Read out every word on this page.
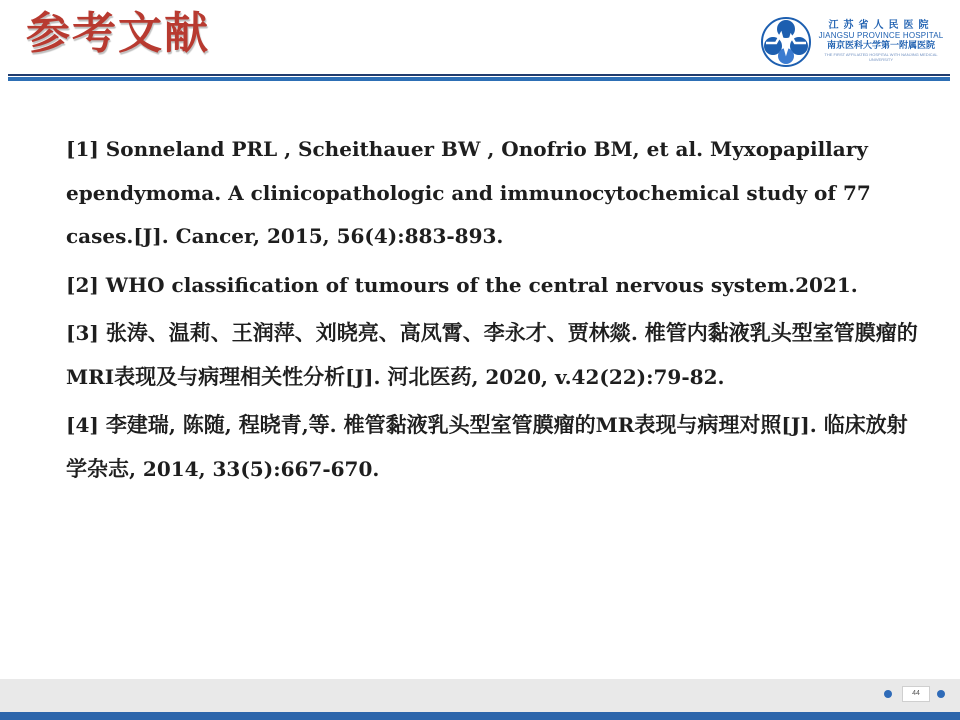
参考文献	江苏省人民医院
JIANGSU PROVINCE HOSPITAL
南京医科大学第一附属医院
THE FIRST AFFILIATED HOSPITAL WITH NANJING MEDICAL UNIVERSITY
[1] Sonneland PRL , Scheithauer BW , Onofrio BM, et al. Myxopapillary ependymoma. A clinicopathologic and immunocytochemical study of 77 cases.[J]. Cancer, 2015, 56(4):883-893.
[2] WHO classification of tumours of the central nervous system.2021.
[3] 张涛、温莉、王润萍、刘晓亮、高凤霄、李永才、贾林燚. 椎管内黏液乳头型室管膜瘤的MRI表现及与病理相关性分析[J]. 河北医药, 2020, v.42(22):79-82.
[4] 李建瑞, 陈随, 程晓青,等. 椎管黏液乳头型室管膜瘤的MR表现与病理对照[J]. 临床放射学杂志, 2014, 33(5):667-670.
44
